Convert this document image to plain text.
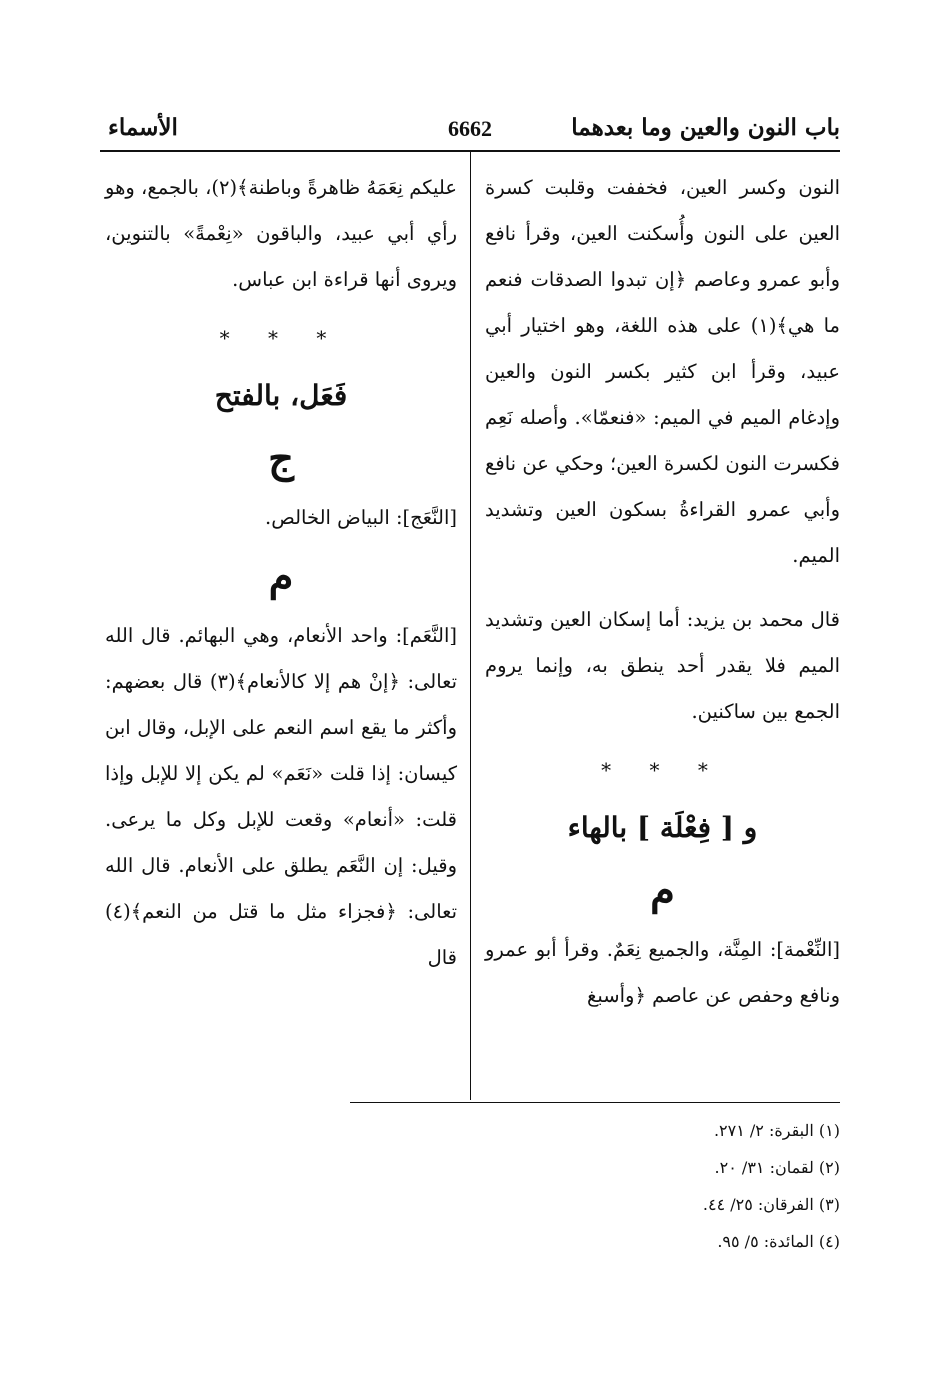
باب النون والعين وما بعدهما
6662
الأسماء

النون وكسر العين، فخففت وقلبت كسرة العين على النون وأُسكنت العين، وقرأ نافع وأبو عمرو وعاصم ﴿إن تبدوا الصدقات فنعم ما هي﴾(١) على هذه اللغة، وهو اختيار أبي عبيد، وقرأ ابن كثير بكسر النون والعين وإدغام الميم في الميم: «فنعمّا». وأصله نَعِم فكسرت النون لكسرة العين؛ وحكي عن نافع وأبي عمرو القراءةُ بسكون العين وتشديد الميم.

قال محمد بن يزيد: أما إسكان العين وتشديد الميم فلا يقدر أحد ينطق به، وإنما يروم الجمع بين ساكنين.

* * *
و [ فِعْلَة ] بالهاء
م

[النِّعْمة]: المِنَّة، والجميع نِعَمٌ. وقرأ أبو عمرو ونافع وحفص عن عاصم ﴿وأسبغ

عليكم نِعَمَهُ ظاهرةً وباطنة﴾(٢)، بالجمع، وهو رأي أبي عبيد، والباقون «نِعْمةً» بالتنوين، ويروى أنها قراءة ابن عباس.

* * *
فَعَل، بالفتح
ج

[النَّعَج]: البياض الخالص.

م

[النَّعَم]: واحد الأنعام، وهي البهائم. قال الله تعالى: ﴿إنْ هم إلا كالأنعام﴾(٣) قال بعضهم: وأكثر ما يقع اسم النعم على الإبل، وقال ابن كيسان: إذا قلت «نَعَم» لم يكن إلا للإبل وإذا قلت: «أنعام» وقعت للإبل وكل ما يرعى. وقيل: إن النَّعَم يطلق على الأنعام. قال الله تعالى: ﴿فجزاء مثل ما قتل من النعم﴾(٤) قال

(١) البقرة: ٢/ ٢٧١.
(٢) لقمان: ٣١/ ٢٠.
(٣) الفرقان: ٢٥/ ٤٤.
(٤) المائدة: ٥/ ٩٥.
